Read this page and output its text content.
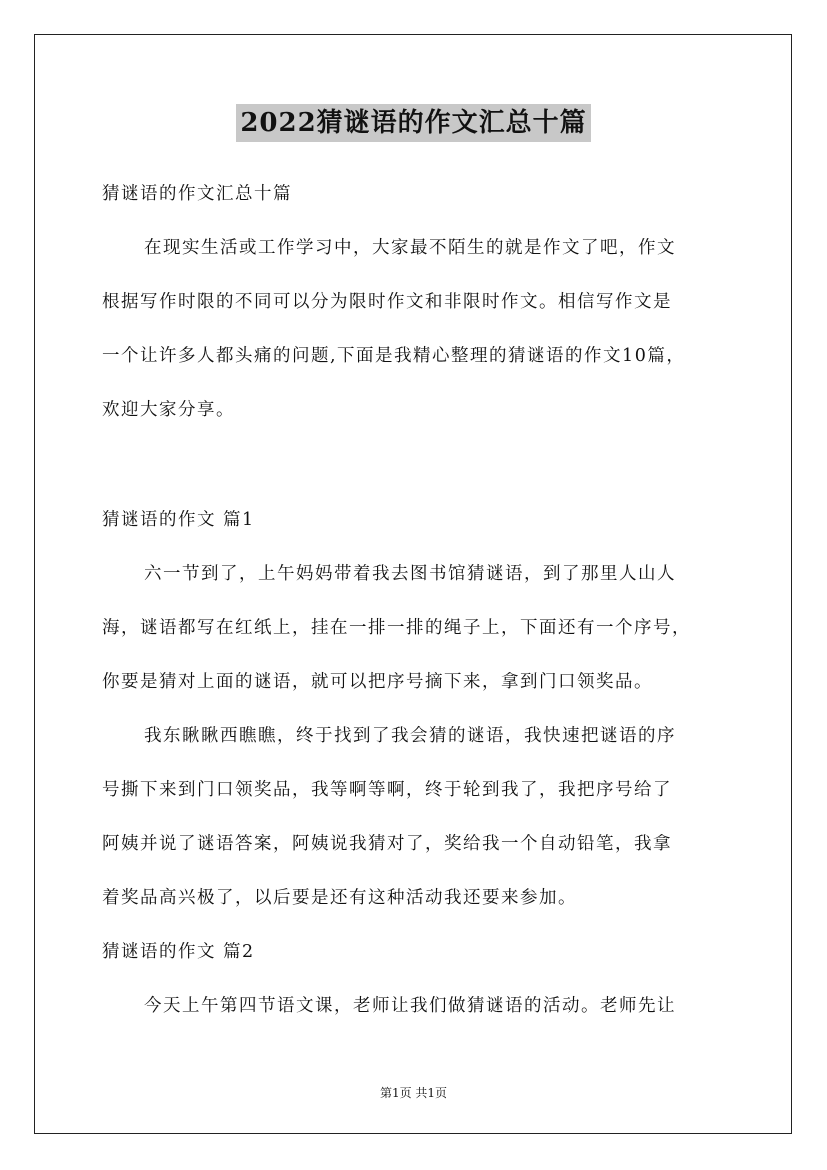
2022猜谜语的作文汇总十篇
猜谜语的作文汇总十篇
在现实生活或工作学习中，大家最不陌生的就是作文了吧，作文
根据写作时限的不同可以分为限时作文和非限时作文。相信写作文是
一个让许多人都头痛的问题,下面是我精心整理的猜谜语的作文10篇，
欢迎大家分享。
猜谜语的作文 篇1
六一节到了，上午妈妈带着我去图书馆猜谜语，到了那里人山人
海，谜语都写在红纸上，挂在一排一排的绳子上，下面还有一个序号，
你要是猜对上面的谜语，就可以把序号摘下来，拿到门口领奖品。
我东瞅瞅西瞧瞧，终于找到了我会猜的谜语，我快速把谜语的序
号撕下来到门口领奖品，我等啊等啊，终于轮到我了，我把序号给了
阿姨并说了谜语答案，阿姨说我猜对了，奖给我一个自动铅笔，我拿
着奖品高兴极了，以后要是还有这种活动我还要来参加。
猜谜语的作文 篇2
今天上午第四节语文课，老师让我们做猜谜语的活动。老师先让
第1页 共1页
